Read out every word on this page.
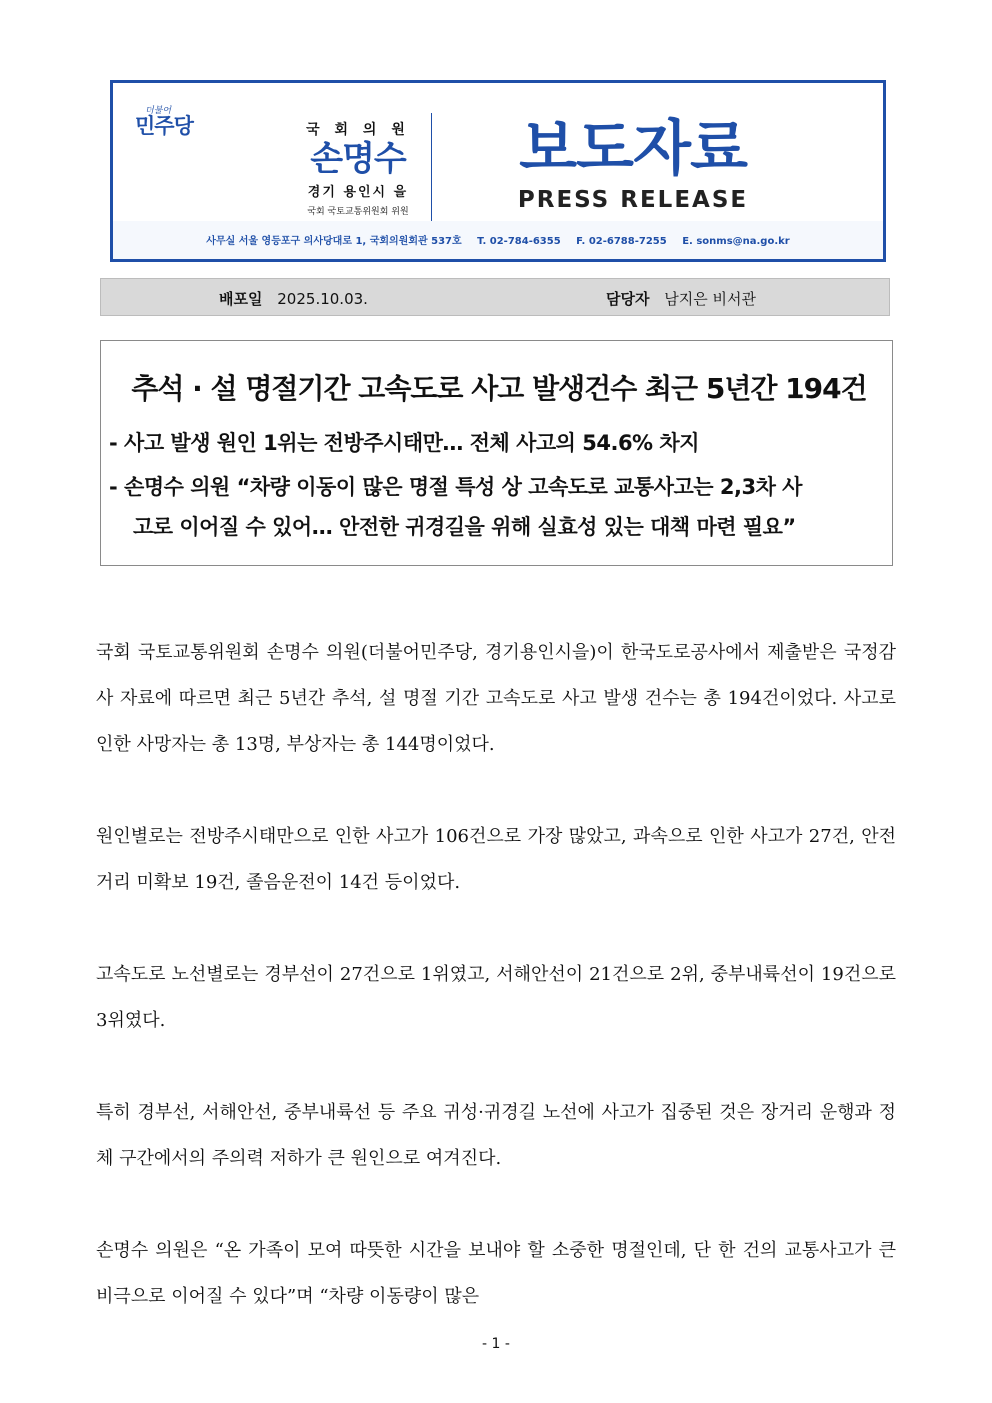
더불어
민주당	국 회 의 원
손명수
경기 용인시 을
국회 국토교통위원회 위원
보도자료
PRESS RELEASE
사무실 서울 영등포구 의사당대로 1, 국회의원회관 537호 T. 02-784-6355 F. 02-6788-7255 E. sonms@na.go.kr
배포일 2025.10.03.	담당자 남지은 비서관
추석 · 설 명절기간 고속도로 사고 발생건수 최근 5년간 194건
- 사고 발생 원인 1위는 전방주시태만… 전체 사고의 54.6% 차지
- 손명수 의원 “차량 이동이 많은 명절 특성 상 고속도로 교통사고는 2,3차 사
고로 이어질 수 있어… 안전한 귀경길을 위해 실효성 있는 대책 마련 필요”

국회 국토교통위원회 손명수 의원(더불어민주당, 경기용인시을)이 한국도로공사에서 제출받은 국정감사 자료에 따르면 최근 5년간 추석, 설 명절 기간 고속도로 사고 발생 건수는 총 194건이었다. 사고로 인한 사망자는 총 13명, 부상자는 총 144명이었다.

원인별로는 전방주시태만으로 인한 사고가 106건으로 가장 많았고, 과속으로 인한 사고가 27건, 안전거리 미확보 19건, 졸음운전이 14건 등이었다.

고속도로 노선별로는 경부선이 27건으로 1위였고, 서해안선이 21건으로 2위, 중부내륙선이 19건으로 3위였다.

특히 경부선, 서해안선, 중부내륙선 등 주요 귀성·귀경길 노선에 사고가 집중된 것은 장거리 운행과 정체 구간에서의 주의력 저하가 큰 원인으로 여겨진다.

손명수 의원은 “온 가족이 모여 따뜻한 시간을 보내야 할 소중한 명절인데, 단 한 건의 교통사고가 큰 비극으로 이어질 수 있다”며 “차량 이동량이 많은

- 1 -
